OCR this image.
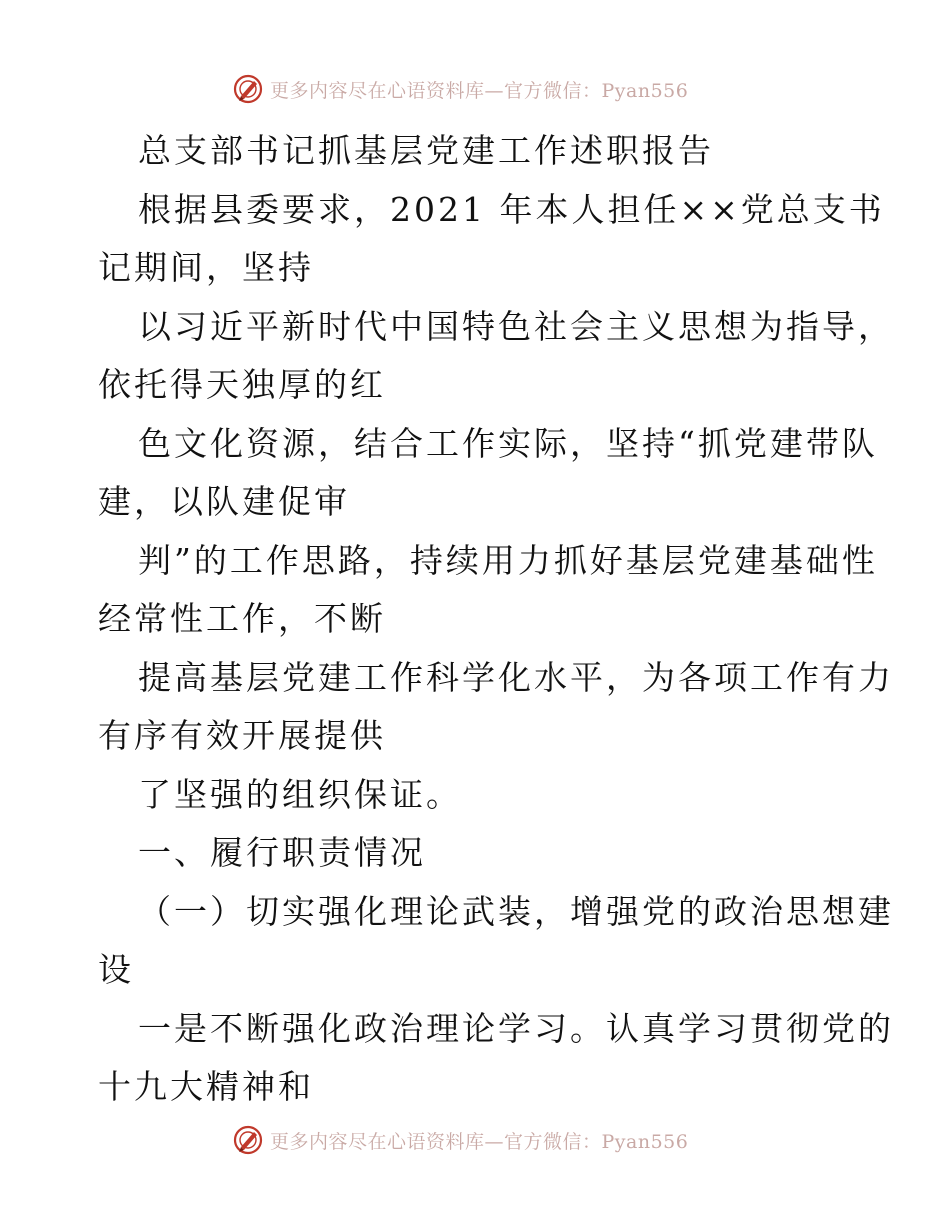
更多内容尽在心语资料库—官方微信：Pyan556
总支部书记抓基层党建工作述职报告
根据县委要求，2021 年本人担任××党总支书
记期间，坚持
以习近平新时代中国特色社会主义思想为指导，
依托得天独厚的红
色文化资源，结合工作实际，坚持“抓党建带队
建，以队建促审
判”的工作思路，持续用力抓好基层党建基础性
经常性工作，不断
提高基层党建工作科学化水平，为各项工作有力
有序有效开展提供
了坚强的组织保证。
一、履行职责情况
（一）切实强化理论武装，增强党的政治思想建
设
一是不断强化政治理论学习。认真学习贯彻党的
十九大精神和
更多内容尽在心语资料库—官方微信：Pyan556
